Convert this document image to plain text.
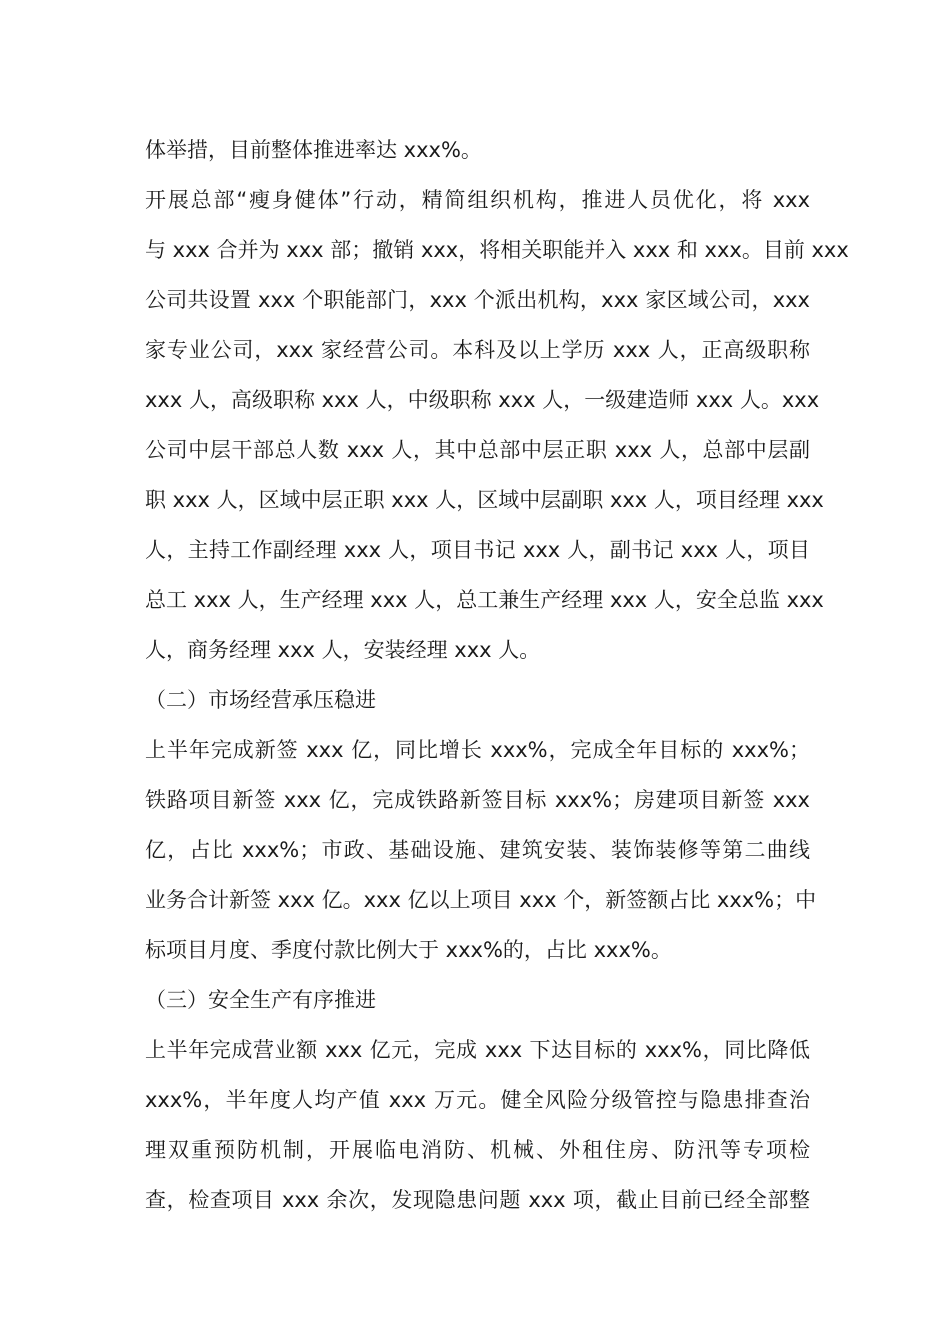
体举措，目前整体推进率达 xxx%。
开展总部“瘦身健体”行动，精简组织机构，推进人员优化，将 xxx
与 xxx 合并为 xxx 部；撤销 xxx，将相关职能并入 xxx 和 xxx。目前 xxx
公司共设置 xxx 个职能部门，xxx 个派出机构，xxx 家区域公司，xxx
家专业公司，xxx 家经营公司。本科及以上学历 xxx 人，正高级职称
xxx 人，高级职称 xxx 人，中级职称 xxx 人，一级建造师 xxx 人。xxx
公司中层干部总人数 xxx 人，其中总部中层正职 xxx 人，总部中层副
职 xxx 人，区域中层正职 xxx 人，区域中层副职 xxx 人，项目经理 xxx
人，主持工作副经理 xxx 人，项目书记 xxx 人，副书记 xxx 人，项目
总工 xxx 人，生产经理 xxx 人，总工兼生产经理 xxx 人，安全总监 xxx
人，商务经理 xxx 人，安装经理 xxx 人。
（二）市场经营承压稳进
上半年完成新签 xxx 亿，同比增长 xxx%，完成全年目标的 xxx%；
铁路项目新签 xxx 亿，完成铁路新签目标 xxx%；房建项目新签 xxx
亿，占比 xxx%；市政、基础设施、建筑安装、装饰装修等第二曲线
业务合计新签 xxx 亿。xxx 亿以上项目 xxx 个，新签额占比 xxx%；中
标项目月度、季度付款比例大于 xxx%的，占比 xxx%。
（三）安全生产有序推进
上半年完成营业额 xxx 亿元，完成 xxx 下达目标的 xxx%，同比降低
xxx%，半年度人均产值 xxx 万元。健全风险分级管控与隐患排查治
理双重预防机制，开展临电消防、机械、外租住房、防汛等专项检
查，检查项目 xxx 余次，发现隐患问题 xxx 项，截止目前已经全部整
